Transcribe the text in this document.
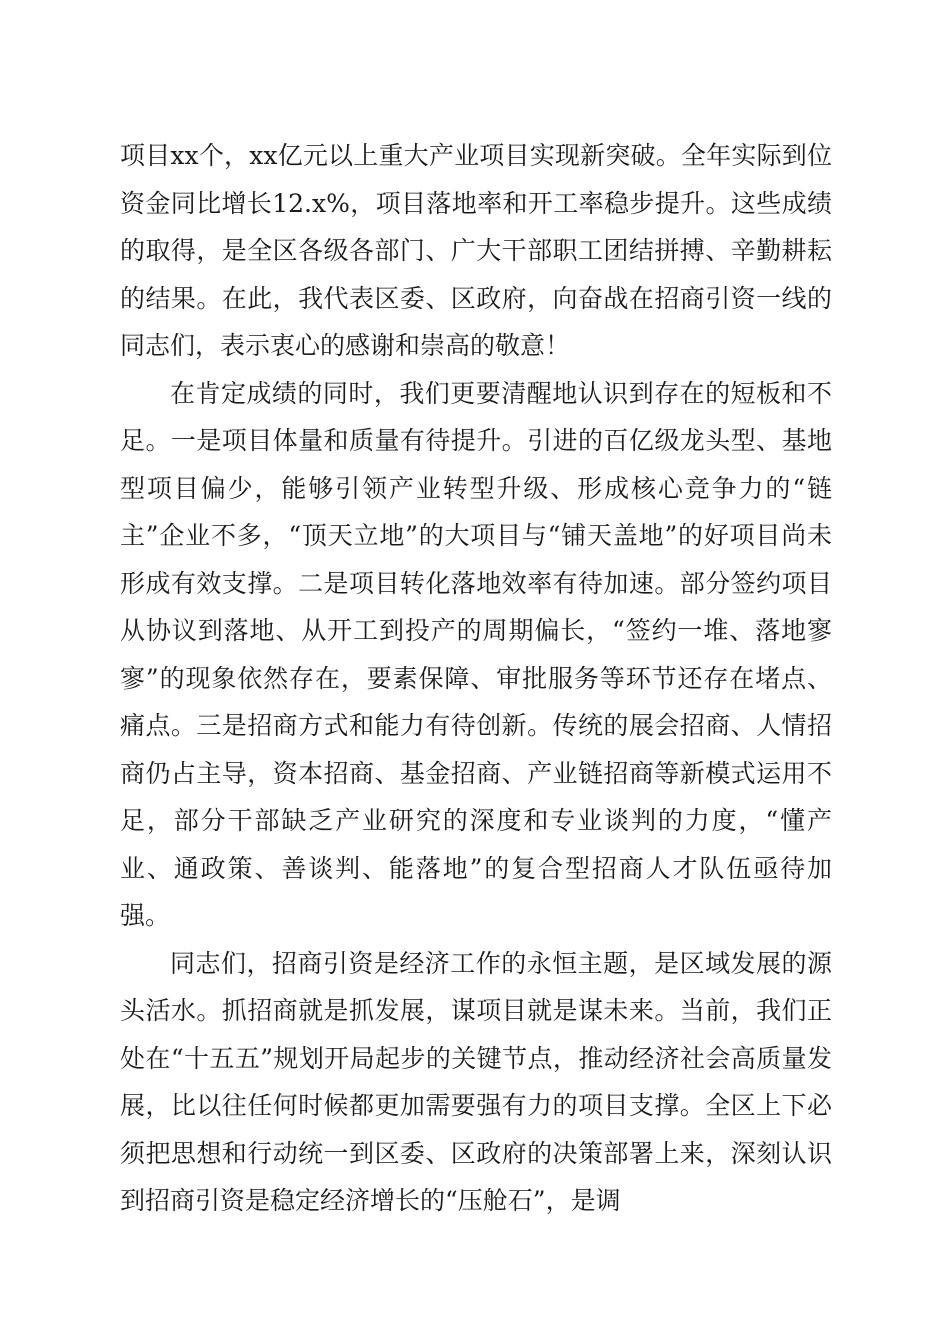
项目xx个，xx亿元以上重大产业项目实现新突破。全年实际到位资金同比增长12.x%，项目落地率和开工率稳步提升。这些成绩的取得，是全区各级各部门、广大干部职工团结拼搏、辛勤耕耘的结果。在此，我代表区委、区政府，向奋战在招商引资一线的同志们，表示衷心的感谢和崇高的敬意！

在肯定成绩的同时，我们更要清醒地认识到存在的短板和不足。一是项目体量和质量有待提升。引进的百亿级龙头型、基地型项目偏少，能够引领产业转型升级、形成核心竞争力的“链主”企业不多，“顶天立地”的大项目与“铺天盖地”的好项目尚未形成有效支撑。二是项目转化落地效率有待加速。部分签约项目从协议到落地、从开工到投产的周期偏长，“签约一堆、落地寥寥”的现象依然存在，要素保障、审批服务等环节还存在堵点、痛点。三是招商方式和能力有待创新。传统的展会招商、人情招商仍占主导，资本招商、基金招商、产业链招商等新模式运用不足，部分干部缺乏产业研究的深度和专业谈判的力度，“懂产业、通政策、善谈判、能落地”的复合型招商人才队伍亟待加强。

同志们，招商引资是经济工作的永恒主题，是区域发展的源头活水。抓招商就是抓发展，谋项目就是谋未来。当前，我们正处在“十五五”规划开局起步的关键节点，推动经济社会高质量发展，比以往任何时候都更加需要强有力的项目支撑。全区上下必须把思想和行动统一到区委、区政府的决策部署上来，深刻认识到招商引资是稳定经济增长的“压舱石”，是调
